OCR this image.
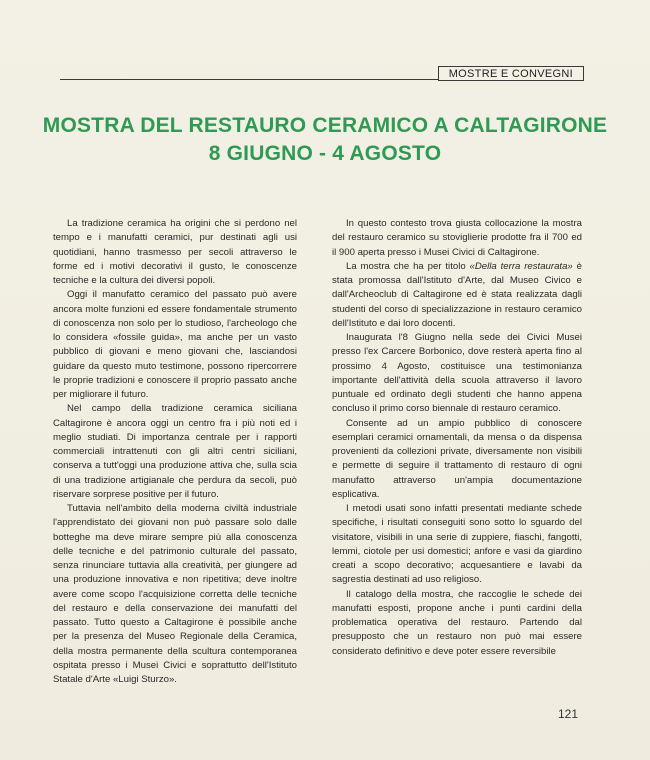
MOSTRE E CONVEGNI
MOSTRA DEL RESTAURO CERAMICO A CALTAGIRONE
8 GIUGNO - 4 AGOSTO

La tradizione ceramica ha origini che si perdono nel tempo e i manufatti ceramici, pur destinati agli usi quotidiani, hanno trasmesso per secoli attraverso le forme ed i motivi decorativi il gusto, le conoscenze tecniche e la cultura dei diversi popoli.

Oggi il manufatto ceramico del passato può avere ancora molte funzioni ed essere fondamentale strumento di conoscenza non solo per lo studioso, l'archeologo che lo considera «fossile guida», ma anche per un vasto pubblico di giovani e meno giovani che, lasciandosi guidare da questo muto testimone, possono ripercorrere le proprie tradizioni e conoscere il proprio passato anche per migliorare il futuro.

Nel campo della tradizione ceramica siciliana Caltagirone è ancora oggi un centro fra i più noti ed i meglio studiati. Di importanza centrale per i rapporti commerciali intrattenuti con gli altri centri siciliani, conserva a tutt'oggi una produzione attiva che, sulla scia di una tradizione artigianale che perdura da secoli, può riservare sorprese positive per il futuro.

Tuttavia nell'ambito della moderna civiltà industriale l'apprendistato dei giovani non può passare solo dalle botteghe ma deve mirare sempre più alla conoscenza delle tecniche e del patrimonio culturale del passato, senza rinunciare tuttavia alla creatività, per giungere ad una produzione innovativa e non ripetitiva; deve inoltre avere come scopo l'acquisizione corretta delle tecniche del restauro e della conservazione dei manufatti del passato. Tutto questo a Caltagirone è possibile anche per la presenza del Museo Regionale della Ceramica, della mostra permanente della scultura contemporanea ospitata presso i Musei Civici e soprattutto dell'Istituto Statale d'Arte «Luigi Sturzo».

In questo contesto trova giusta collocazione la mostra del restauro ceramico su stoviglierie prodotte fra il 700 ed il 900 aperta presso i Musei Civici di Caltagirone.

La mostra che ha per titolo «Della terra restaurata» è stata promossa dall'Istituto d'Arte, dal Museo Civico e dall'Archeoclub di Caltagirone ed è stata realizzata dagli studenti del corso di specializzazione in restauro ceramico dell'Istituto e dai loro docenti.

Inaugurata l'8 Giugno nella sede dei Civici Musei presso l'ex Carcere Borbonico, dove resterà aperta fino al prossimo 4 Agosto, costituisce una testimonianza importante dell'attività della scuola attraverso il lavoro puntuale ed ordinato degli studenti che hanno appena concluso il primo corso biennale di restauro ceramico.

Consente ad un ampio pubblico di conoscere esemplari ceramici ornamentali, da mensa o da dispensa provenienti da collezioni private, diversamente non visibili e permette di seguire il trattamento di restauro di ogni manufatto attraverso un'ampia documentazione esplicativa.

I metodi usati sono infatti presentati mediante schede specifiche, i risultati conseguiti sono sotto lo sguardo del visitatore, visibili in una serie di zuppiere, fiaschi, fangotti, lemmi, ciotole per usi domestici; anfore e vasi da giardino creati a scopo decorativo; acquesantiere e lavabi da sagrestia destinati ad uso religioso.

Il catalogo della mostra, che raccoglie le schede dei manufatti esposti, propone anche i punti cardini della problematica operativa del restauro. Partendo dal presupposto che un restauro non può mai essere considerato definitivo e deve poter essere reversibile

121
